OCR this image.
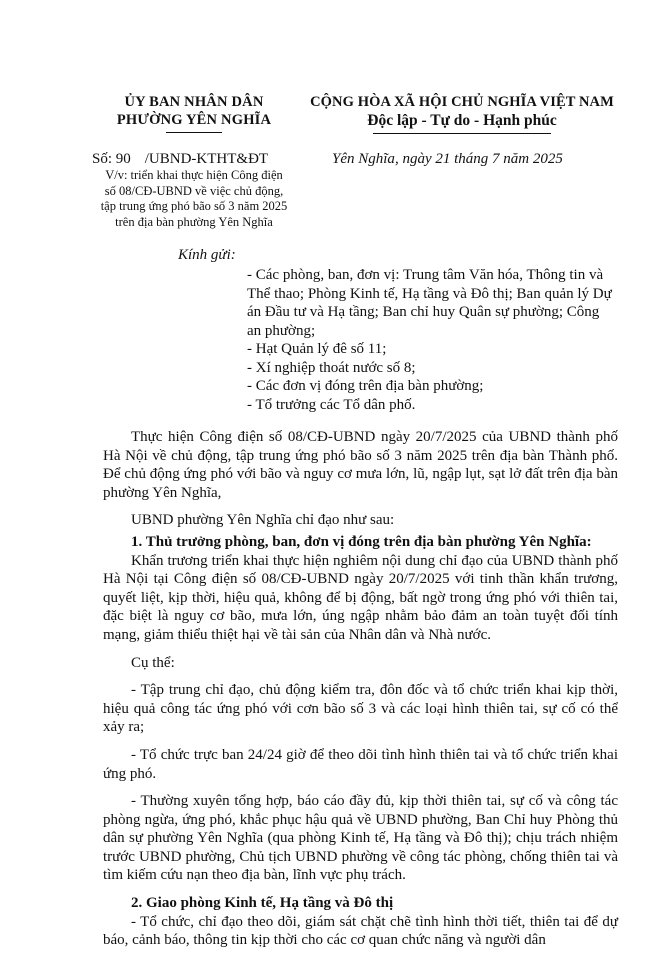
ỦY BAN NHÂN DÂN
PHƯỜNG YÊN NGHĨA
CỘNG HÒA XÃ HỘI CHỦ NGHĨA VIỆT NAM
Độc lập - Tự do - Hạnh phúc
Số: 90 /UBND-KTHT&ĐT	Yên Nghĩa, ngày 21 tháng 7 năm 2025
V/v: triển khai thực hiện Công điện
số 08/CĐ-UBND về việc chủ động,
tập trung ứng phó bão số 3 năm 2025
trên địa bàn phường Yên Nghĩa
Kính gửi:
- Các phòng, ban, đơn vị: Trung tâm Văn hóa, Thông tin và Thể thao; Phòng Kinh tế, Hạ tầng và Đô thị; Ban quản lý Dự án Đầu tư và Hạ tầng; Ban chỉ huy Quân sự phường; Công an phường;
- Hạt Quản lý đê số 11;
- Xí nghiệp thoát nước số 8;
- Các đơn vị đóng trên địa bàn phường;
- Tổ trưởng các Tổ dân phố.

Thực hiện Công điện số 08/CĐ-UBND ngày 20/7/2025 của UBND thành phố Hà Nội về chủ động, tập trung ứng phó bão số 3 năm 2025 trên địa bàn Thành phố. Để chủ động ứng phó với bão và nguy cơ mưa lớn, lũ, ngập lụt, sạt lở đất trên địa bàn phường Yên Nghĩa,

UBND phường Yên Nghĩa chỉ đạo như sau:

1. Thủ trưởng phòng, ban, đơn vị đóng trên địa bàn phường Yên Nghĩa:

Khẩn trương triển khai thực hiện nghiêm nội dung chỉ đạo của UBND thành phố Hà Nội tại Công điện số 08/CĐ-UBND ngày 20/7/2025 với tinh thần khẩn trương, quyết liệt, kịp thời, hiệu quả, không để bị động, bất ngờ trong ứng phó với thiên tai, đặc biệt là nguy cơ bão, mưa lớn, úng ngập nhằm bảo đảm an toàn tuyệt đối tính mạng, giảm thiểu thiệt hại về tài sản của Nhân dân và Nhà nước.

Cụ thể:

- Tập trung chỉ đạo, chủ động kiểm tra, đôn đốc và tổ chức triển khai kịp thời, hiệu quả công tác ứng phó với cơn bão số 3 và các loại hình thiên tai, sự cố có thể xảy ra;

- Tổ chức trực ban 24/24 giờ để theo dõi tình hình thiên tai và tổ chức triển khai ứng phó.

- Thường xuyên tổng hợp, báo cáo đầy đủ, kịp thời thiên tai, sự cố và công tác phòng ngừa, ứng phó, khắc phục hậu quả về UBND phường, Ban Chỉ huy Phòng thủ dân sự phường Yên Nghĩa (qua phòng Kinh tế, Hạ tầng và Đô thị); chịu trách nhiệm trước UBND phường, Chủ tịch UBND phường về công tác phòng, chống thiên tai và tìm kiếm cứu nạn theo địa bàn, lĩnh vực phụ trách.

2. Giao phòng Kinh tế, Hạ tầng và Đô thị

- Tổ chức, chỉ đạo theo dõi, giám sát chặt chẽ tình hình thời tiết, thiên tai để dự báo, cảnh báo, thông tin kịp thời cho các cơ quan chức năng và người dân
